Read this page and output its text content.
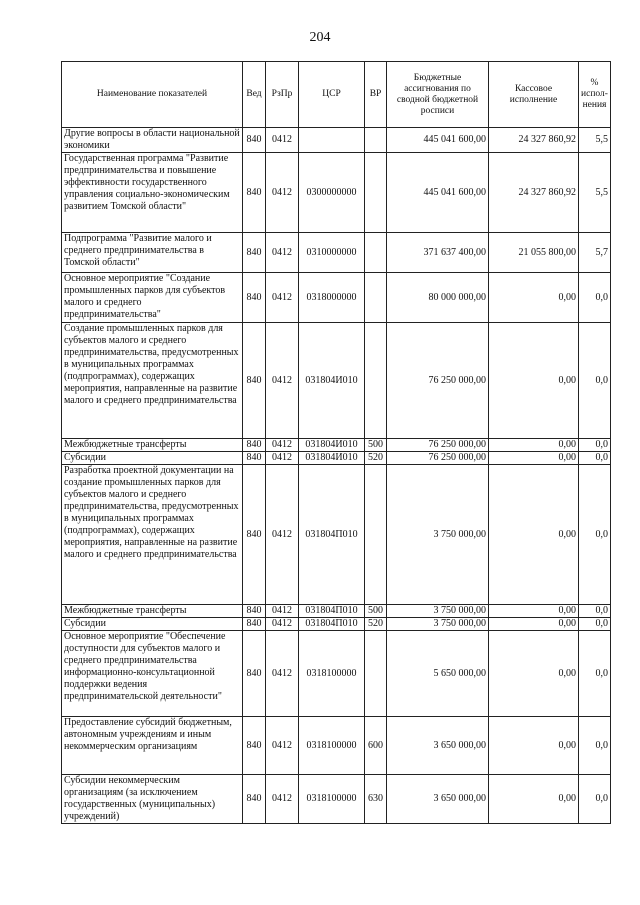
204
Наименование показателей	Вед	РзПр	ЦСР	ВР	Бюджетные ассигнования по сводной бюджетной росписи	Кассовое исполнение	% испол-нения
Другие вопросы в области национальной экономики	840	0412			445 041 600,00	24 327 860,92	5,5
Государственная программа "Развитие предпринимательства и повышение эффективности государственного управления социально-экономическим развитием Томской области"	840	0412	0300000000		445 041 600,00	24 327 860,92	5,5
Подпрограмма "Развитие малого и среднего предпринимательства в Томской области"	840	0412	0310000000		371 637 400,00	21 055 800,00	5,7
Основное мероприятие "Создание промышленных парков для субъектов малого и среднего предпринимательства"	840	0412	0318000000		80 000 000,00	0,00	0,0
Создание промышленных парков для субъектов малого и среднего предпринимательства, предусмотренных в муниципальных программах (подпрограммах), содержащих мероприятия, направленные на развитие малого и среднего предпринимательства	840	0412	031804И010		76 250 000,00	0,00	0,0
Межбюджетные трансферты	840	0412	031804И010	500	76 250 000,00	0,00	0,0
Субсидии	840	0412	031804И010	520	76 250 000,00	0,00	0,0
Разработка проектной документации на создание промышленных парков для субъектов малого и среднего предпринимательства, предусмотренных в муниципальных программах (подпрограммах), содержащих мероприятия, направленные на развитие малого и среднего предпринимательства	840	0412	031804П010		3 750 000,00	0,00	0,0
Межбюджетные трансферты	840	0412	031804П010	500	3 750 000,00	0,00	0,0
Субсидии	840	0412	031804П010	520	3 750 000,00	0,00	0,0
Основное мероприятие "Обеспечение доступности для субъектов малого и среднего предпринимательства информационно-консультационной поддержки ведения предпринимательской деятельности"	840	0412	0318100000		5 650 000,00	0,00	0,0
Предоставление субсидий бюджетным, автономным учреждениям и иным некоммерческим организациям	840	0412	0318100000	600	3 650 000,00	0,00	0,0
Субсидии некоммерческим организациям (за исключением государственных (муниципальных) учреждений)	840	0412	0318100000	630	3 650 000,00	0,00	0,0
